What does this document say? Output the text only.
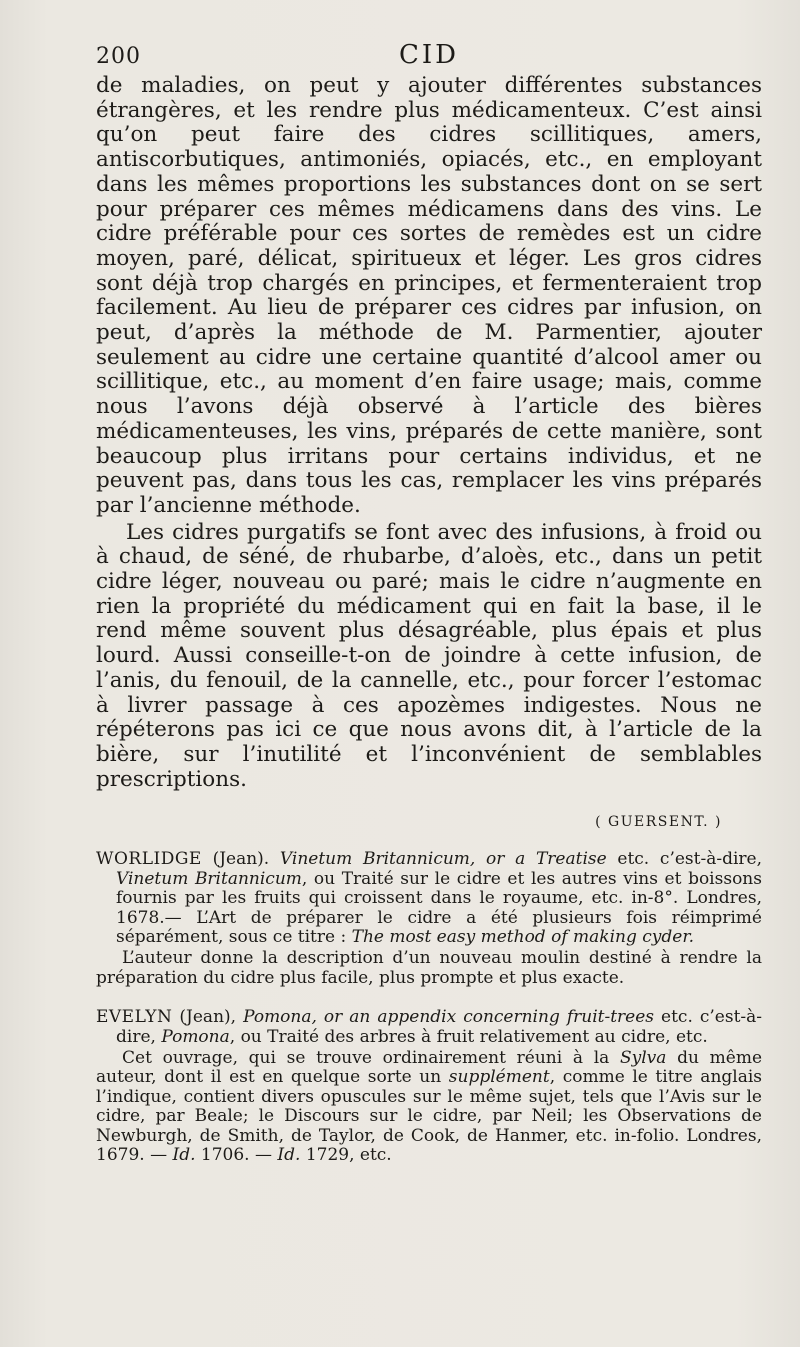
200	CID

de maladies, on peut y ajouter différentes substances étrangères, et les rendre plus médicamenteux. C’est ainsi qu’on peut faire des cidres scillitiques, amers, antiscorbutiques, antimoniés, opiacés, etc., en employant dans les mêmes proportions les substances dont on se sert pour préparer ces mêmes médicamens dans des vins. Le cidre préférable pour ces sortes de remèdes est un cidre moyen, paré, délicat, spiritueux et léger. Les gros cidres sont déjà trop chargés en principes, et fermenteraient trop facilement. Au lieu de préparer ces cidres par infusion, on peut, d’après la méthode de M. Parmentier, ajouter seulement au cidre une certaine quantité d’alcool amer ou scillitique, etc., au moment d’en faire usage; mais, comme nous l’avons déjà observé à l’article des bières médicamenteuses, les vins, préparés de cette manière, sont beaucoup plus irritans pour certains individus, et ne peuvent pas, dans tous les cas, remplacer les vins préparés par l’ancienne méthode.

Les cidres purgatifs se font avec des infusions, à froid ou à chaud, de séné, de rhubarbe, d’aloès, etc., dans un petit cidre léger, nouveau ou paré; mais le cidre n’augmente en rien la propriété du médicament qui en fait la base, il le rend même souvent plus désagréable, plus épais et plus lourd. Aussi conseille-t-on de joindre à cette infusion, de l’anis, du fenouil, de la cannelle, etc., pour forcer l’estomac à livrer passage à ces apozèmes indigestes. Nous ne répéterons pas ici ce que nous avons dit, à l’article de la bière, sur l’inutilité et l’inconvénient de semblables prescriptions.

( GUERSENT. )

WORLIDGE (Jean). Vinetum Britannicum, or a Treatise etc. c’est-à-dire, Vinetum Britannicum, ou Traité sur le cidre et les autres vins et boissons fournis par les fruits qui croissent dans le royaume, etc. in-8°. Londres, 1678.— L’Art de préparer le cidre a été plusieurs fois réimprimé séparément, sous ce titre : The most easy method of making cyder.

L’auteur donne la description d’un nouveau moulin destiné à rendre la préparation du cidre plus facile, plus prompte et plus exacte.

EVELYN (Jean), Pomona, or an appendix concerning fruit-trees etc. c’est-à-dire, Pomona, ou Traité des arbres à fruit relativement au cidre, etc.

Cet ouvrage, qui se trouve ordinairement réuni à la Sylva du même auteur, dont il est en quelque sorte un supplément, comme le titre anglais l’indique, contient divers opuscules sur le même sujet, tels que l’Avis sur le cidre, par Beale; le Discours sur le cidre, par Neil; les Observations de Newburgh, de Smith, de Taylor, de Cook, de Hanmer, etc. in-folio. Londres, 1679. — Id. 1706. — Id. 1729, etc.
